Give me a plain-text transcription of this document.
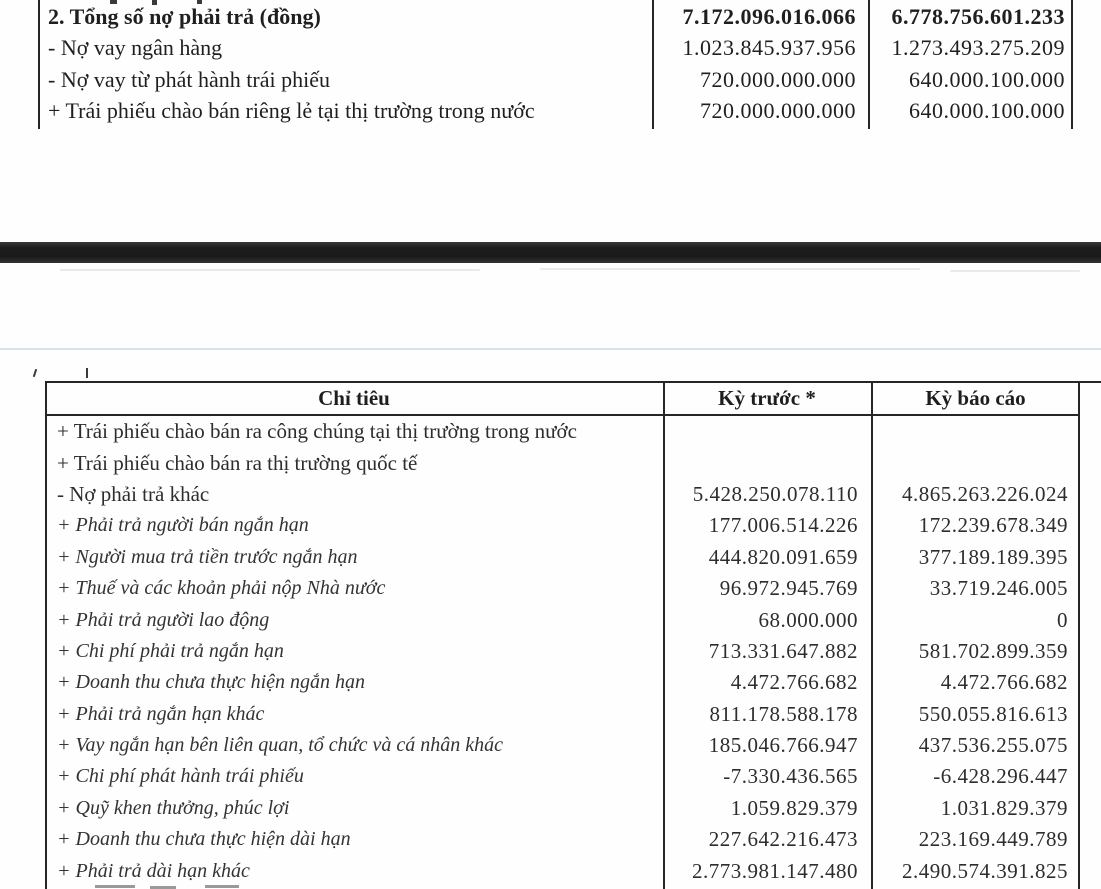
2. Tổng số nợ phải trả (đồng)	7.172.096.016.066	6.778.756.601.233
- Nợ vay ngân hàng	1.023.845.937.956	1.273.493.275.209
- Nợ vay từ phát hành trái phiếu	720.000.000.000	640.000.100.000
+ Trái phiếu chào bán riêng lẻ tại thị trường trong nước	720.000.000.000	640.000.100.000
Chỉ tiêu	Kỳ trước *	Kỳ báo cáo
+ Trái phiếu chào bán ra công chúng tại thị trường trong nước
+ Trái phiếu chào bán ra thị trường quốc tế
- Nợ phải trả khác	5.428.250.078.110	4.865.263.226.024
+ Phải trả người bán ngắn hạn	177.006.514.226	172.239.678.349
+ Người mua trả tiền trước ngắn hạn	444.820.091.659	377.189.189.395
+ Thuế và các khoản phải nộp Nhà nước	96.972.945.769	33.719.246.005
+ Phải trả người lao động	68.000.000	0
+ Chi phí phải trả ngắn hạn	713.331.647.882	581.702.899.359
+ Doanh thu chưa thực hiện ngắn hạn	4.472.766.682	4.472.766.682
+ Phải trả ngắn hạn khác	811.178.588.178	550.055.816.613
+ Vay ngắn hạn bên liên quan, tổ chức và cá nhân khác	185.046.766.947	437.536.255.075
+ Chi phí phát hành trái phiếu	-7.330.436.565	-6.428.296.447
+ Quỹ khen thưởng, phúc lợi	1.059.829.379	1.031.829.379
+ Doanh thu chưa thực hiện dài hạn	227.642.216.473	223.169.449.789
+ Phải trả dài hạn khác	2.773.981.147.480	2.490.574.391.825
